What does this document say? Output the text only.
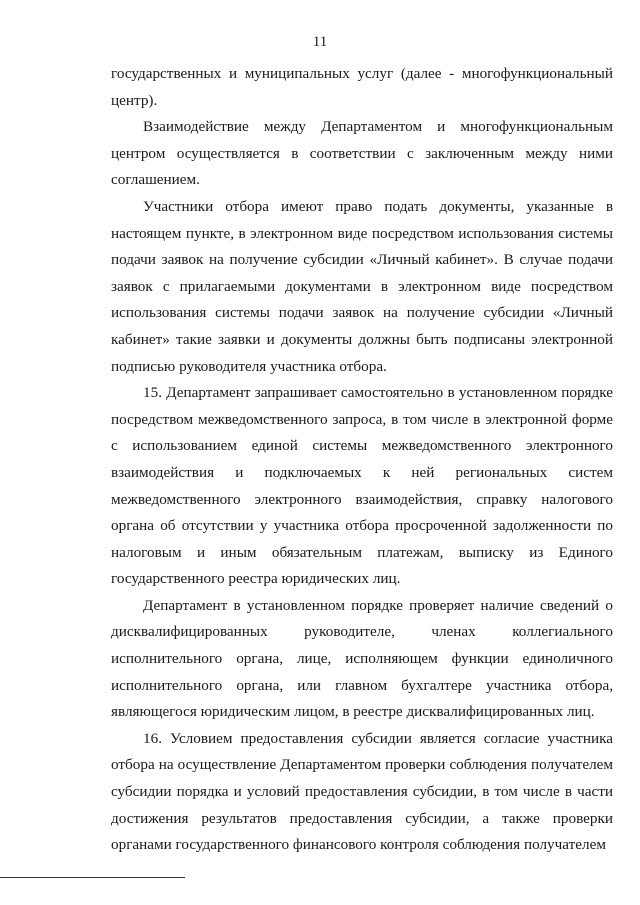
11

государственных и муниципальных услуг (далее - многофункциональный центр).

Взаимодействие между Департаментом и многофункциональным центром осуществляется в соответствии с заключенным между ними соглашением.

Участники отбора имеют право подать документы, указанные в настоящем пункте, в электронном виде посредством использования системы подачи заявок на получение субсидии «Личный кабинет». В случае подачи заявок с прилагаемыми документами в электронном виде посредством использования системы подачи заявок на получение субсидии «Личный кабинет» такие заявки и документы должны быть подписаны электронной подписью руководителя участника отбора.

15. Департамент запрашивает самостоятельно в установленном порядке посредством межведомственного запроса, в том числе в электронной форме с использованием единой системы межведомственного электронного взаимодействия и подключаемых к ней региональных систем межведомственного электронного взаимодействия, справку налогового органа об отсутствии у участника отбора просроченной задолженности по налоговым и иным обязательным платежам, выписку из Единого государственного реестра юридических лиц.

Департамент в установленном порядке проверяет наличие сведений о дисквалифицированных руководителе, членах коллегиального исполнительного органа, лице, исполняющем функции единоличного исполнительного органа, или главном бухгалтере участника отбора, являющегося юридическим лицом, в реестре дисквалифицированных лиц.

16. Условием предоставления субсидии является согласие участника отбора на осуществление Департаментом проверки соблюдения получателем субсидии порядка и условий предоставления субсидии, в том числе в части достижения результатов предоставления субсидии, а также проверки органами государственного финансового контроля соблюдения получателем
